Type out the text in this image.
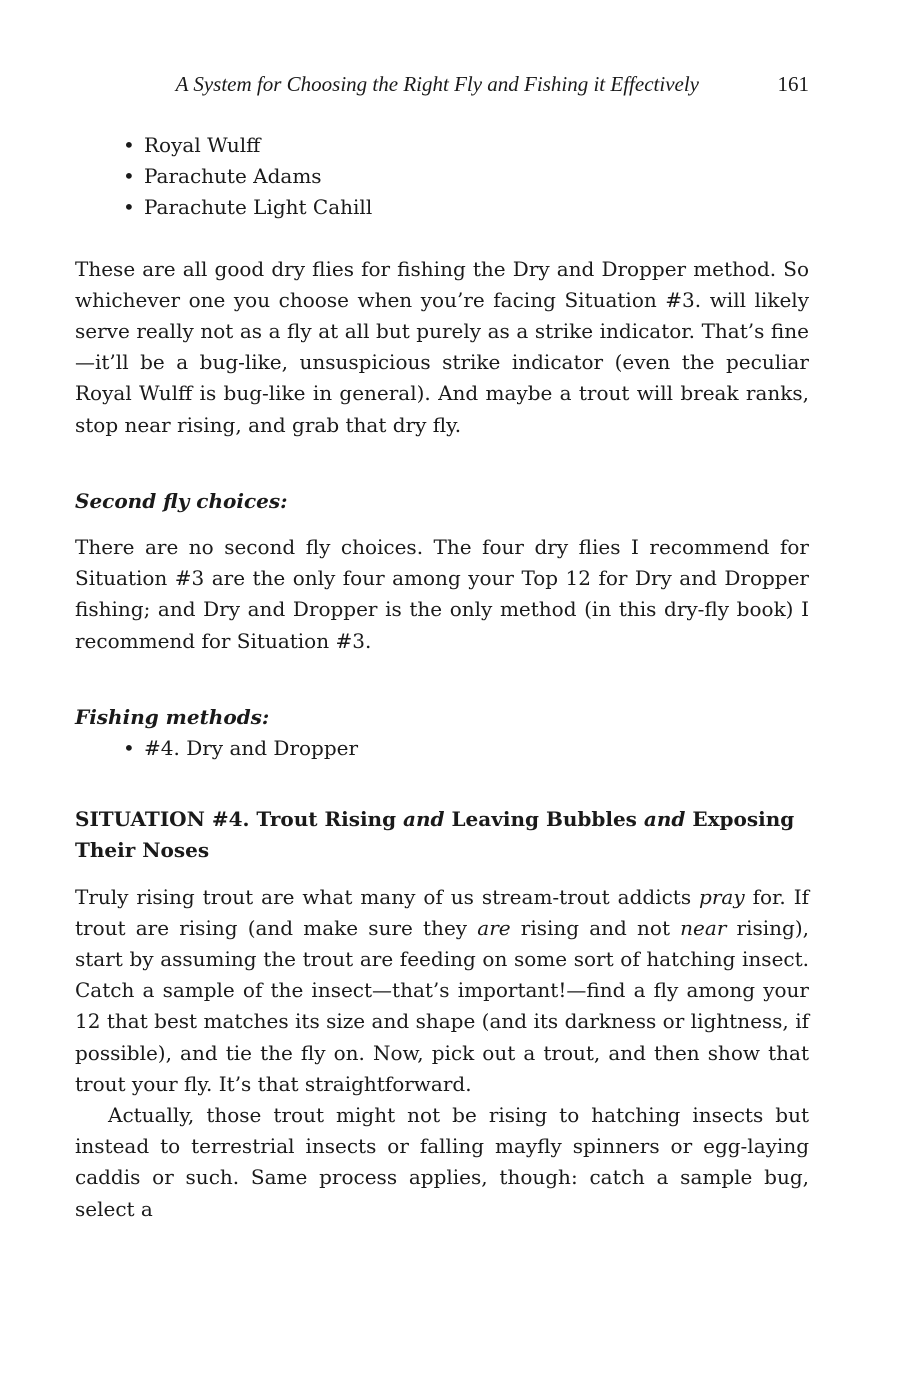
A System for Choosing the Right Fly and Fishing it Effectively	161
• Royal Wulff
• Parachute Adams
• Parachute Light Cahill

These are all good dry flies for fishing the Dry and Dropper method. So whichever one you choose when you’re facing Situation #3. will likely serve really not as a fly at all but purely as a strike indicator. That’s fine—it’ll be a bug-like, unsuspicious strike indicator (even the peculiar Royal Wulff is bug-like in general). And maybe a trout will break ranks, stop near rising, and grab that dry fly.

Second fly choices:

There are no second fly choices. The four dry flies I recommend for Situation #3 are the only four among your Top 12 for Dry and Dropper fishing; and Dry and Dropper is the only method (in this dry-fly book) I recommend for Situation #3.

Fishing methods:

• #4. Dry and Dropper

SITUATION #4. Trout Rising and Leaving Bubbles and Exposing Their Noses

Truly rising trout are what many of us stream-trout addicts pray for. If trout are rising (and make sure they are rising and not near rising), start by assuming the trout are feeding on some sort of hatching insect. Catch a sample of the insect—that’s important!—find a fly among your 12 that best matches its size and shape (and its darkness or lightness, if possible), and tie the fly on. Now, pick out a trout, and then show that trout your fly. It’s that straightforward.

Actually, those trout might not be rising to hatching insects but instead to terrestrial insects or falling mayfly spinners or egg-laying caddis or such. Same process applies, though: catch a sample bug, select a
